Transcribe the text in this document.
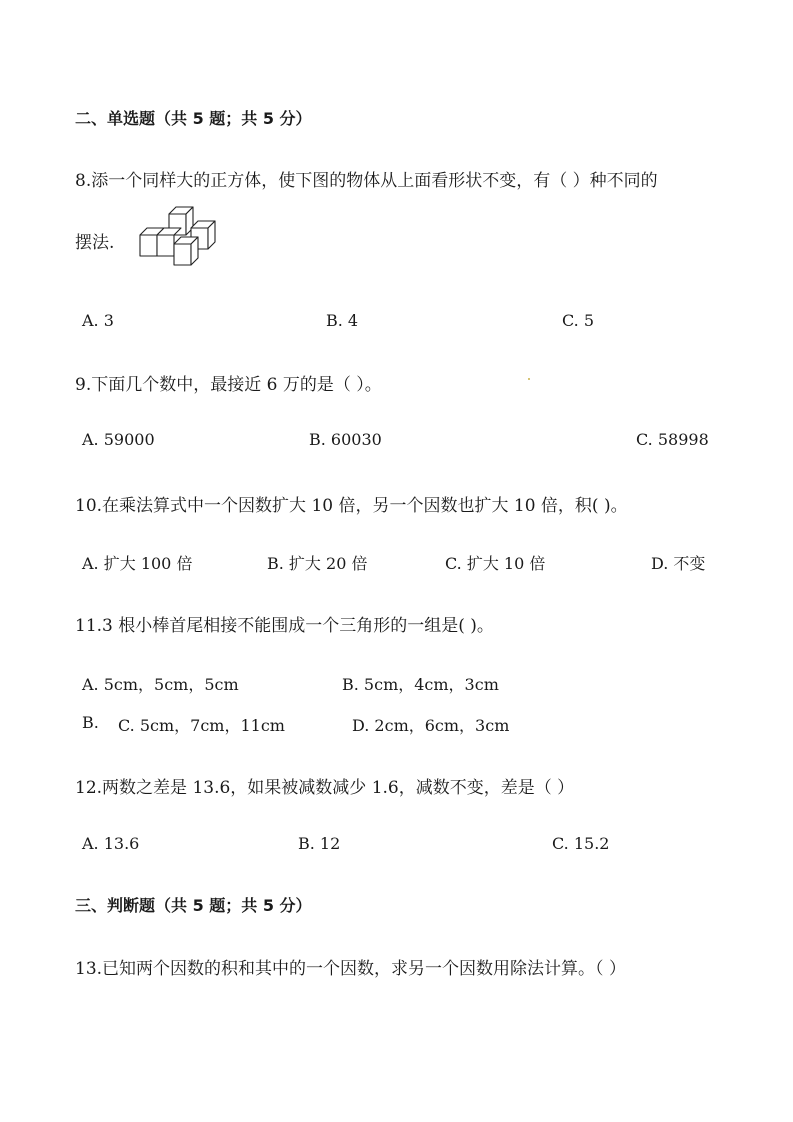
二、单选题（共 5 题；共 5 分）
8.添一个同样大的正方体，使下图的物体从上面看形状不变，有（ ）种不同的
摆法.
A. 3	B. 4	C. 5
9.下面几个数中，最接近 6 万的是（ ）。
A. 59000	B. 60030	C. 58998
10.在乘法算式中一个因数扩大 10 倍，另一个因数也扩大 10 倍，积( )。
A. 扩大 100 倍	B. 扩大 20 倍	C. 扩大 10 倍	D. 不变
11.3 根小棒首尾相接不能围成一个三角形的一组是( )。
A. 5cm，5cm，5cm	B. 5cm，4cm，3cm
B. C. 5cm，7cm，11cm	D. 2cm，6cm，3cm
12.两数之差是 13.6，如果被减数减少 1.6，减数不变，差是（ ）
A. 13.6	B. 12	C. 15.2
三、判断题（共 5 题；共 5 分）
13.已知两个因数的积和其中的一个因数，求另一个因数用除法计算。（ ）
